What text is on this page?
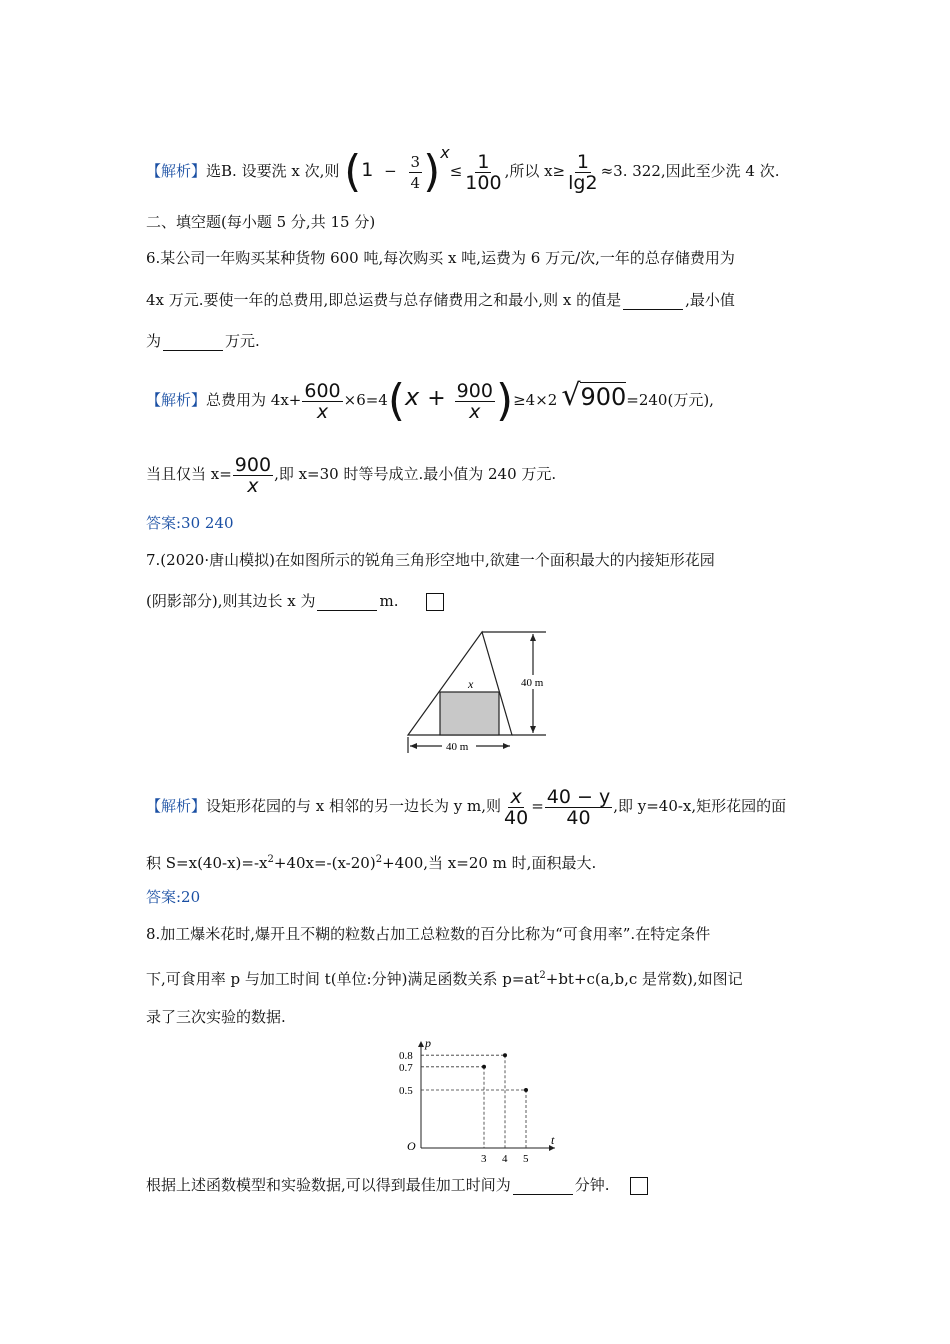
【解析】选B. 设要洗 x 次,则 $(1 - \frac{3}{4} )x\le \frac{1}{100}$ ,所以 $x\ge \frac{1}{\lg 2} \approx 3$. 322,因此至少洗 4 次.
二、填空题(每小题 5 分,共 15 分)
6.某公司一年购买某种货物 600 吨,每次购买 x 吨,运费为 6 万元/次,一年的总存储费用为
4x 万元.要使一年的总费用,即总运费与总存储费用之和最小,则 x 的值是	,最小值
为	万元.
【解析】总费用为 $4x+ \frac{600}{x} \times 6=4(x + \frac{900}{x} )\ge 4\times 2$ √900=240(万元),
当且仅当 $x= \frac{900}{x}$ ,即 x=30 时等号成立.最小值为 240 万元.
答案:30 240
7.(2020·唐山模拟)在如图所示的锐角三角形空地中,欲建一个面积最大的内接矩形花园
(阴影部分),则其边长 x 为	m.
x	40 m
40 m
【解析】设矩形花园的与 x 相邻的另一边长为 y m,则 $\frac{x}{40} = \frac{40 - y}{40}$ ,即 y=40-x,矩形花园的面
积 $S=x(40-x)=-x^2+40x=-(x-20)^2+400$,当 x=20 m 时,面积最大.
答案:20
8.加工爆米花时,爆开且不糊的粒数占加工总粒数的百分比称为“可食用率”.在特定条件
下,可食用率 p 与加工时间 t(单位:分钟)满足函数关系 $p=at^2+bt+c(a,b,c$ 是常数),如图记
录了三次实验的数据.
O
p
t
3 4 5
0.8
0.7
0.5
根据上述函数模型和实验数据,可以得到最佳加工时间为	分钟.
